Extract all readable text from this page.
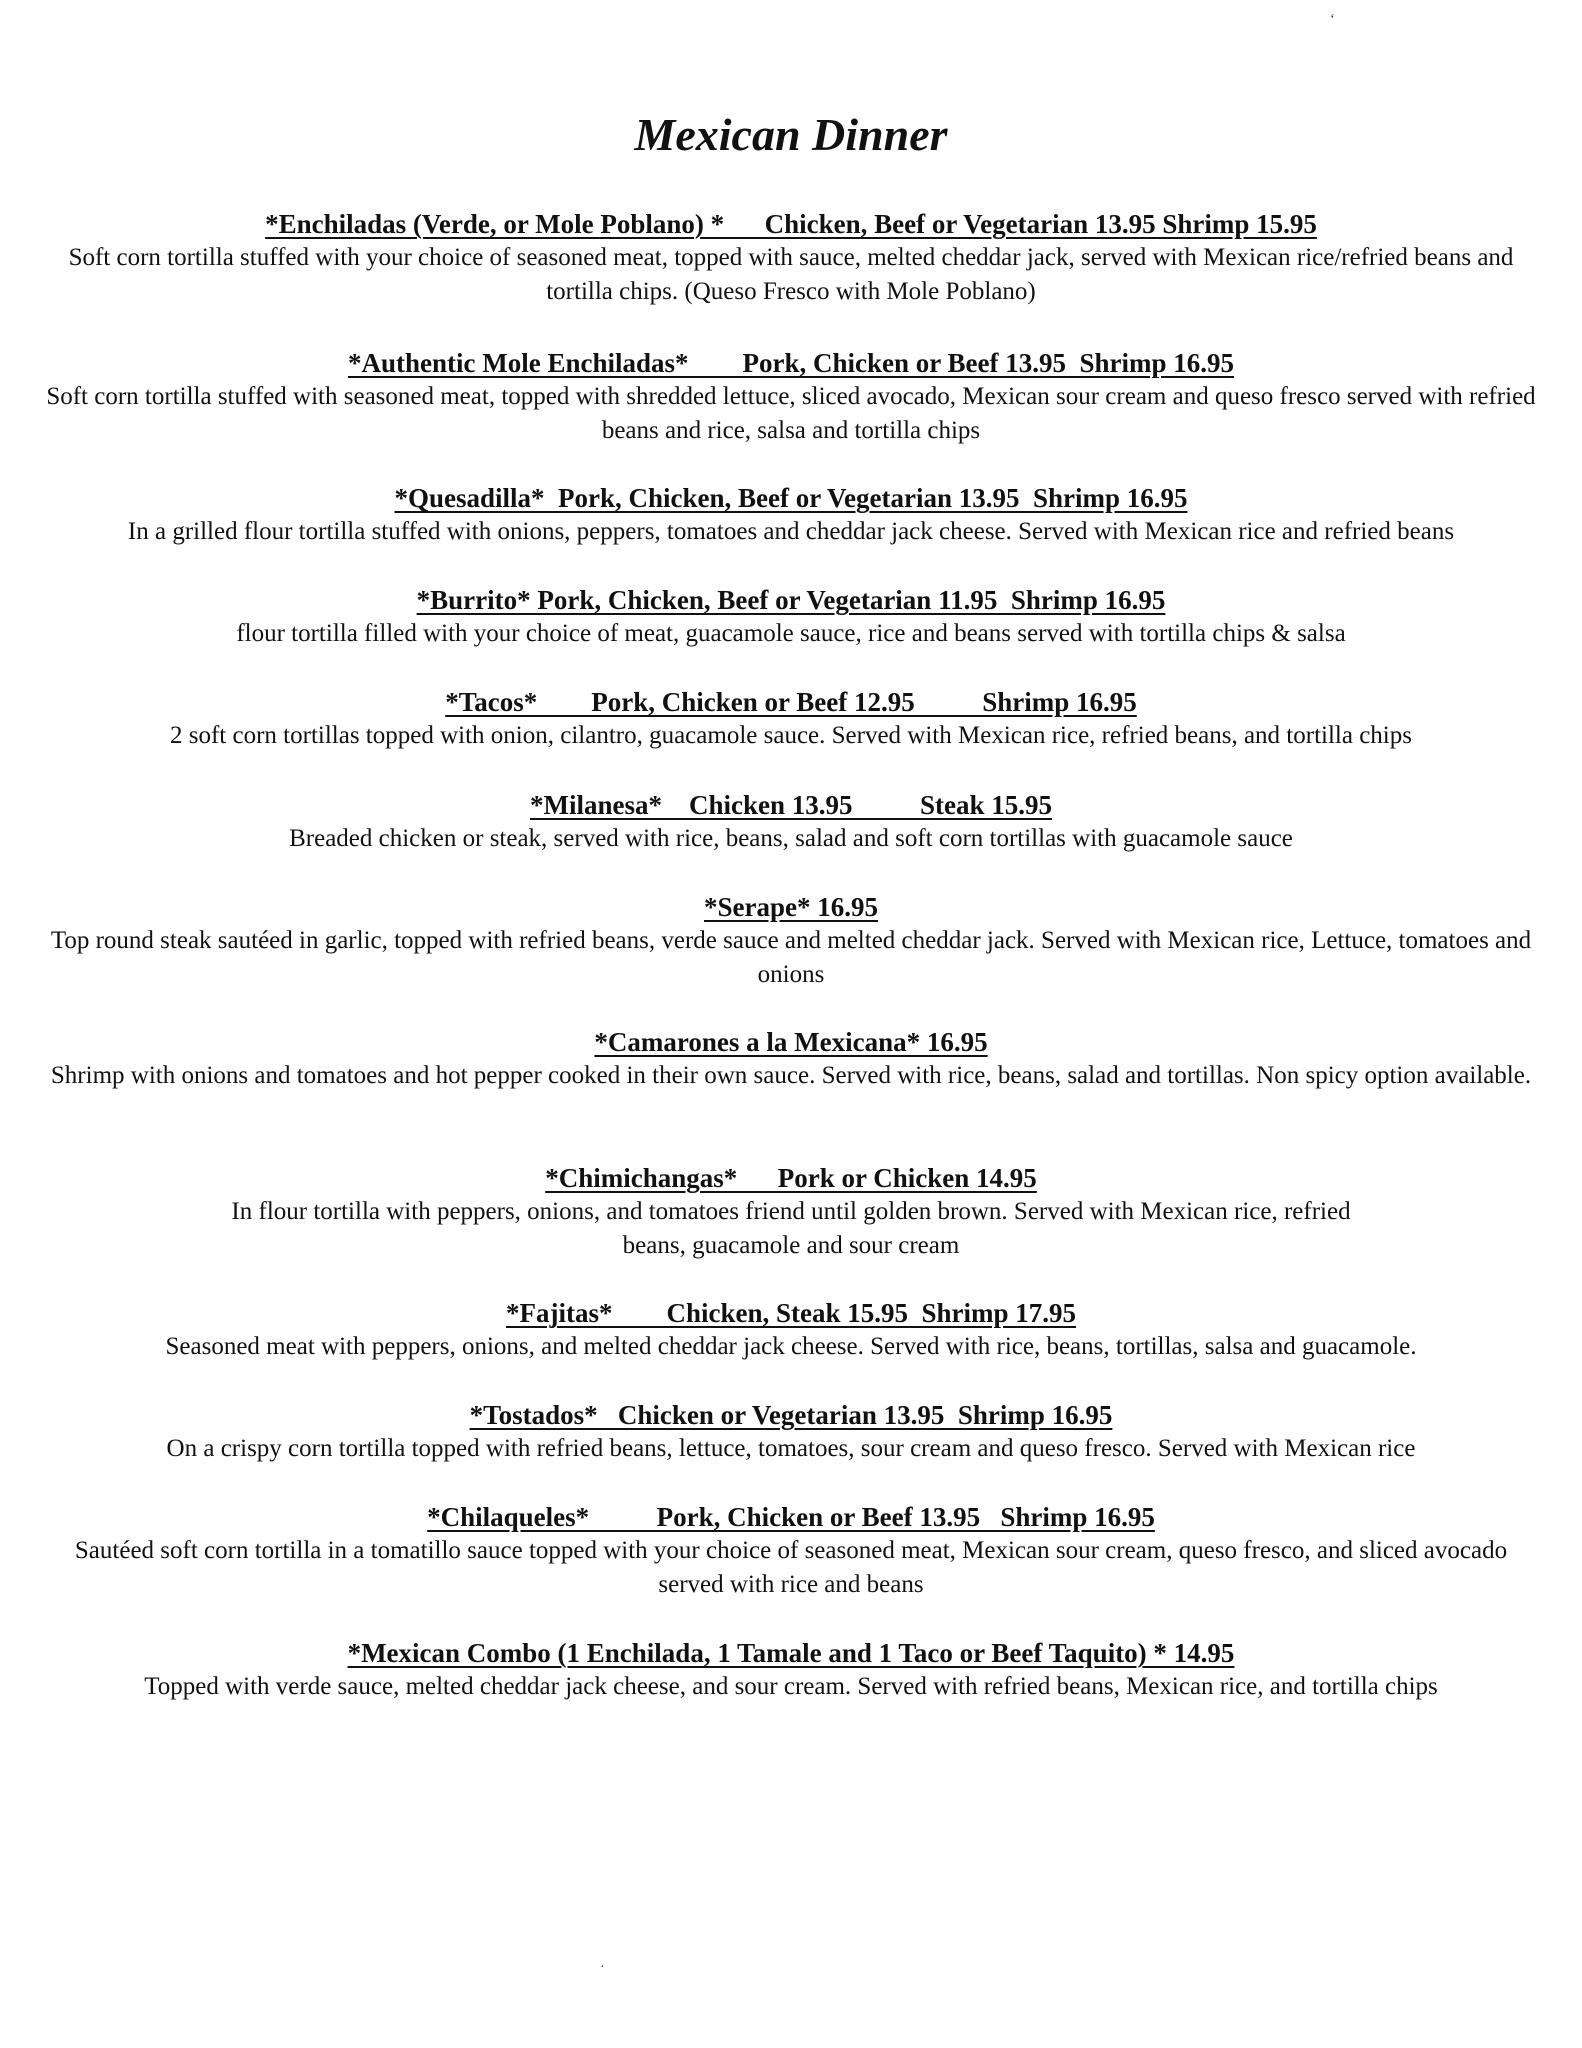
Mexican Dinner
*Enchiladas (Verde, or Mole Poblano) *      Chicken, Beef or Vegetarian 13.95 Shrimp 15.95
Soft corn tortilla stuffed with your choice of seasoned meat, topped with sauce, melted cheddar jack, served with Mexican rice/refried beans and tortilla chips. (Queso Fresco with Mole Poblano)
*Authentic Mole Enchiladas*        Pork, Chicken or Beef 13.95  Shrimp 16.95
Soft corn tortilla stuffed with seasoned meat, topped with shredded lettuce, sliced avocado, Mexican sour cream and queso fresco served with refried beans and rice, salsa and tortilla chips
*Quesadilla*  Pork, Chicken, Beef or Vegetarian 13.95  Shrimp 16.95
In a grilled flour tortilla stuffed with onions, peppers, tomatoes and cheddar jack cheese. Served with Mexican rice and refried beans
*Burrito* Pork, Chicken, Beef or Vegetarian 11.95  Shrimp 16.95
flour tortilla filled with your choice of meat, guacamole sauce, rice and beans served with tortilla chips & salsa
*Tacos*        Pork, Chicken or Beef 12.95          Shrimp 16.95
2 soft corn tortillas topped with onion, cilantro, guacamole sauce. Served with Mexican rice, refried beans, and tortilla chips
*Milanesa*    Chicken 13.95          Steak 15.95
Breaded chicken or steak, served with rice, beans, salad and soft corn tortillas with guacamole sauce
*Serape* 16.95
Top round steak sautéed in garlic, topped with refried beans, verde sauce and melted cheddar jack. Served with Mexican rice, Lettuce, tomatoes and onions
*Camarones a la Mexicana* 16.95
Shrimp with onions and tomatoes and hot pepper cooked in their own sauce. Served with rice, beans, salad and tortillas. Non spicy option available.
*Chimichangas*      Pork or Chicken 14.95
In flour tortilla with peppers, onions, and tomatoes friend until golden brown. Served with Mexican rice, refried beans, guacamole and sour cream
*Fajitas*        Chicken, Steak 15.95  Shrimp 17.95
Seasoned meat with peppers, onions, and melted cheddar jack cheese. Served with rice, beans, tortillas, salsa and guacamole.
*Tostados*   Chicken or Vegetarian 13.95  Shrimp 16.95
On a crispy corn tortilla topped with refried beans, lettuce, tomatoes, sour cream and queso fresco. Served with Mexican rice
*Chilaqueles*          Pork, Chicken or Beef 13.95   Shrimp 16.95
Sautéed soft corn tortilla in a tomatillo sauce topped with your choice of seasoned meat, Mexican sour cream, queso fresco, and sliced avocado served with rice and beans
*Mexican Combo (1 Enchilada, 1 Tamale and 1 Taco or Beef Taquito) * 14.95
Topped with verde sauce, melted cheddar jack cheese, and sour cream. Served with refried beans, Mexican rice, and tortilla chips
‘
·
